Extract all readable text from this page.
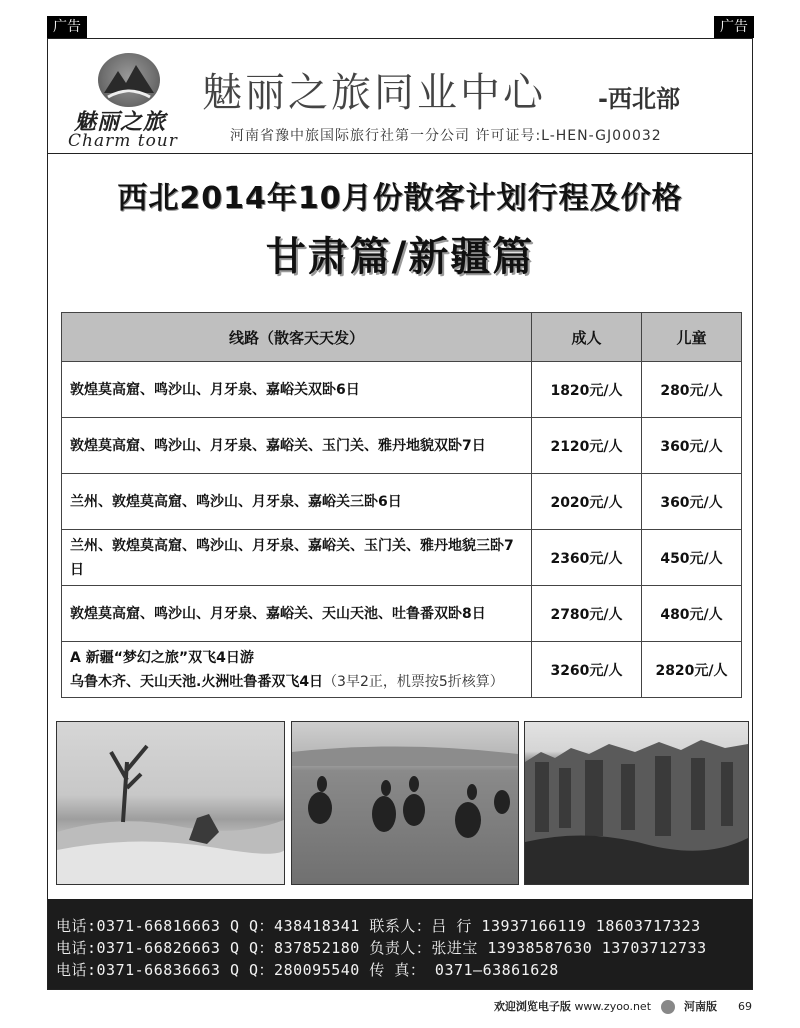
广告	广告
魅丽之旅
Charm tour
魅丽之旅同业中心 -西北部
河南省豫中旅国际旅行社第一分公司 许可证号:L-HEN-GJ00032
西北2014年10月份散客计划行程及价格
甘肃篇/新疆篇
线路（散客天天发）	成人	儿童
敦煌莫高窟、鸣沙山、月牙泉、嘉峪关双卧6日	1820元/人	280元/人
敦煌莫高窟、鸣沙山、月牙泉、嘉峪关、玉门关、雅丹地貌双卧7日	2120元/人	360元/人
兰州、敦煌莫高窟、鸣沙山、月牙泉、嘉峪关三卧6日	2020元/人	360元/人
兰州、敦煌莫高窟、鸣沙山、月牙泉、嘉峪关、玉门关、雅丹地貌三卧7日	2360元/人	450元/人
敦煌莫高窟、鸣沙山、月牙泉、嘉峪关、天山天池、吐鲁番双卧8日	2780元/人	480元/人

A 新疆“梦幻之旅”双飞4日游
乌鲁木齐、天山天池.火洲吐鲁番双飞4日（3早2正，机票按5折核算）	3260元/人	2820元/人
电话:0371-66816663 Q Q：438418341 联系人：吕 行 13937166119 18603717323
电话:0371-66826663 Q Q：837852180 负责人：张进宝 13938587630 13703712733
电话:0371-66836663 Q Q：280095540 传 真： 0371—63861628
欢迎浏览电子版 www.zyoo.net	河南版 69
